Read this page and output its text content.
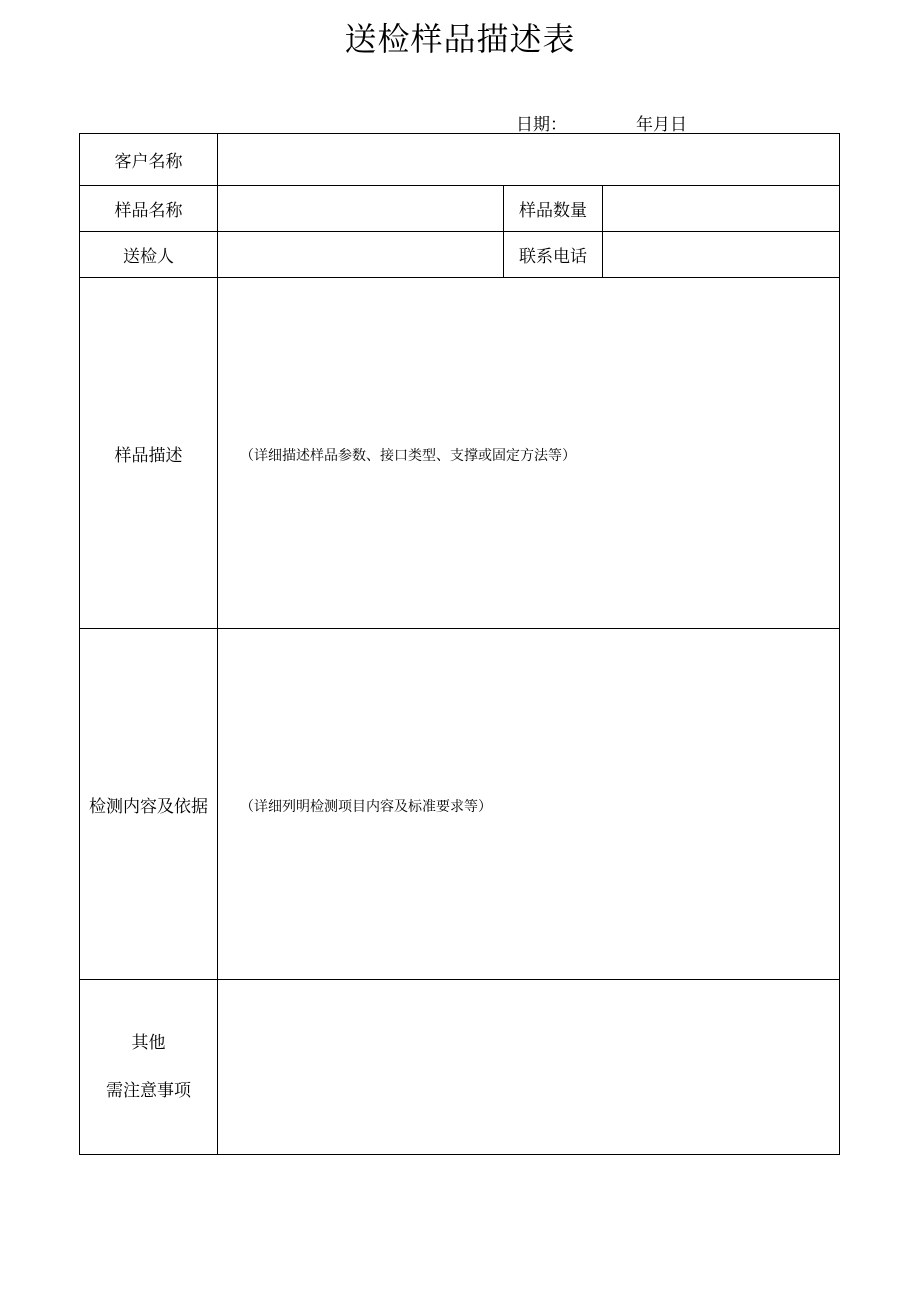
送检样品描述表
日期：	年月日
客户名称			
样品名称		样品数量	
送检人		联系电话	
样品描述	（详细描述样品参数、接口类型、支撑或固定方法等）		

检测内容及依据	（详细列明检测项目内容及标准要求等）		

其他
需注意事项			
